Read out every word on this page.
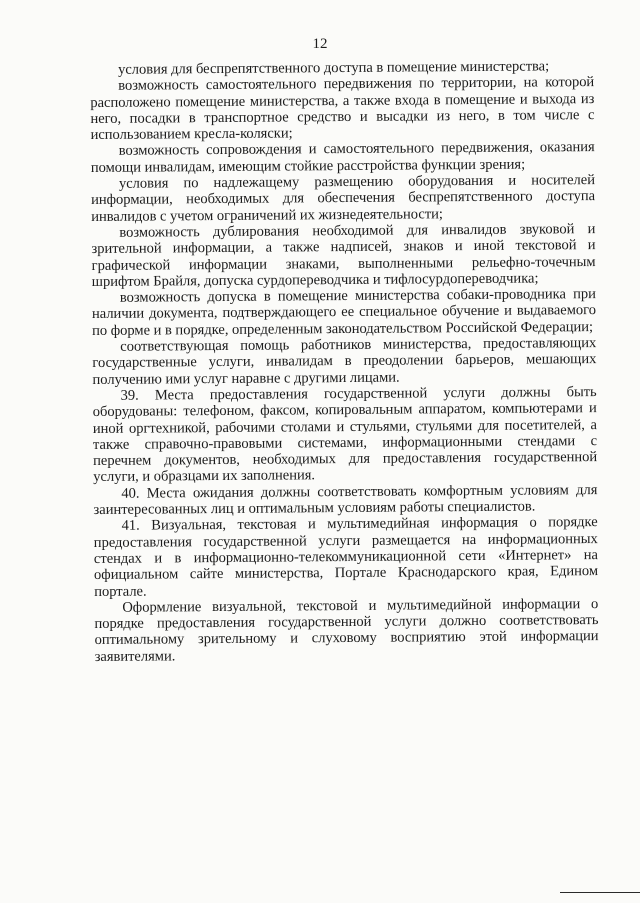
12

условия для беспрепятственного доступа в помещение министерства;

возможность самостоятельного передвижения по территории, на которой расположено помещение министерства, а также входа в помещение и выхода из него, посадки в транспортное средство и высадки из него, в том числе с использованием кресла-коляски;

возможность сопровождения и самостоятельного передвижения, оказания помощи инвалидам, имеющим стойкие расстройства функции зрения;

условия по надлежащему размещению оборудования и носителей информации, необходимых для обеспечения беспрепятственного доступа инвалидов с учетом ограничений их жизнедеятельности;

возможность дублирования необходимой для инвалидов звуковой и зрительной информации, а также надписей, знаков и иной текстовой и графической информации знаками, выполненными рельефно-точечным шрифтом Брайля, допуска сурдопереводчика и тифлосурдопереводчика;

возможность допуска в помещение министерства собаки-проводника при наличии документа, подтверждающего ее специальное обучение и выдаваемого по форме и в порядке, определенным законодательством Российской Федерации;

соответствующая помощь работников министерства, предоставляющих государственные услуги, инвалидам в преодолении барьеров, мешающих получению ими услуг наравне с другими лицами.

39. Места предоставления государственной услуги должны быть оборудованы: телефоном, факсом, копировальным аппаратом, компьютерами и иной оргтехникой, рабочими столами и стульями, стульями для посетителей, а также справочно-правовыми системами, информационными стендами с перечнем документов, необходимых для предоставления государственной услуги, и образцами их заполнения.

40. Места ожидания должны соответствовать комфортным условиям для заинтересованных лиц и оптимальным условиям работы специалистов.

41. Визуальная, текстовая и мультимедийная информация о порядке предоставления государственной услуги размещается на информационных стендах и в информационно-телекоммуникационной сети «Интернет» на официальном сайте министерства, Портале Краснодарского края, Едином портале.

Оформление визуальной, текстовой и мультимедийной информации о порядке предоставления государственной услуги должно соответствовать оптимальному зрительному и слуховому восприятию этой информации заявителями.
